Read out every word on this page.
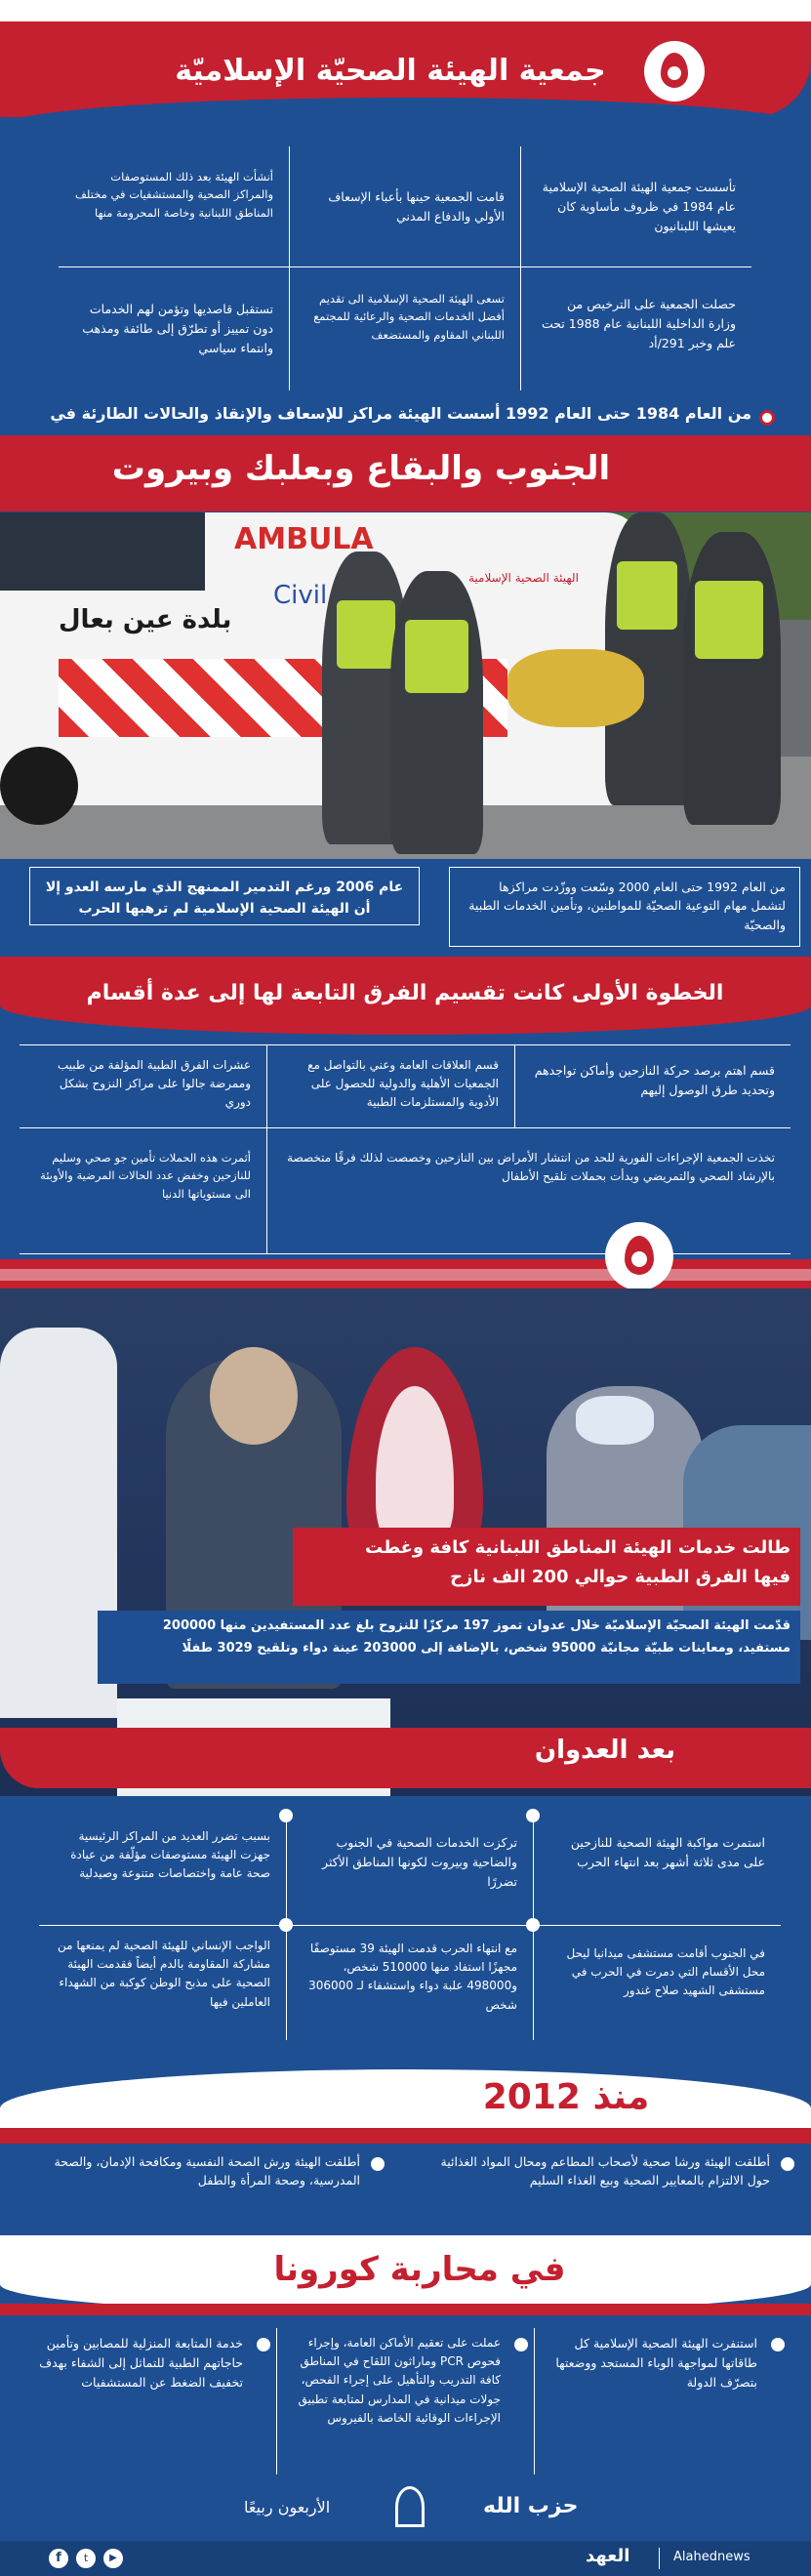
جمعية الهيئة الصحيّة الإسلاميّة
تأسست جمعية الهيئة الصحية الإسلامية عام 1984 في ظروف مأساوية كان يعيشها اللبنانيون
قامت الجمعية حينها بأعباء الإسعاف الأولي والدفاع المدني
أنشأت الهيئة بعد ذلك المستوصفات والمراكز الصحية والمستشفيات في مختلف المناطق اللبنانية وخاصة المحرومة منها
حصلت الجمعية على الترخيص من وزارة الداخلية اللبنانية عام 1988 تحت علم وخبر 291/أد
تسعى الهيئة الصحية الإسلامية الى تقديم أفضل الخدمات الصحية والرعائية للمجتمع اللبناني المقاوم والمستضعف
تستقبل قاصديها وتؤمن لهم الخدمات دون تمييز أو تطرّق إلى طائفة ومذهب وانتماء سياسي
من العام 1984 حتى العام 1992 أسست الهيئة مراكز للإسعاف والإنقاذ والحالات الطارئة في
الجنوب والبقاع وبعلبك وبيروت
AMBULA
Civil
بلدة عين بعال
الهيئة الصحية الإسلامية
من العام 1992 حتى العام 2000 وسّعت ووزّدت مراكزها لتشمل مهام التوعية الصحيّة للمواطنين، وتأمين الخدمات الطبية والصحيّة
عام 2006 ورغم التدمير الممنهج الذي مارسه العدو إلا أن الهيئة الصحية الإسلامية لم ترهبها الحرب
الخطوة الأولى كانت تقسيم الفرق التابعة لها إلى عدة أقسام
قسم اهتم برصد حركة النازحين وأماكن تواجدهم وتحديد طرق الوصول إليهم
قسم العلاقات العامة وعني بالتواصل مع الجمعيات الأهلية والدولية للحصول على الأدوية والمستلزمات الطبية
عشرات الفرق الطبية المؤلفة من طبيب وممرضة جالوا على مراكز النزوح بشكل دوري
تخذت الجمعية الإجراءات الفورية للحد من انتشار الأمراض بين النازحين وخصصت لذلك فرقًا متخصصة بالإرشاد الصحي والتمريضي وبدأت بحملات تلقيح الأطفال
أثمرت هذه الحملات تأمين جو صحي وسليم للنازحين وخفض عدد الحالات المرضية والأوبئة الى مستوياتها الدنيا
طالت خدمات الهيئة المناطق اللبنانية كافة وغطت
فيها الفرق الطبية حوالي 200 الف نازح
قدّمت الهيئة الصحيّة الإسلاميّة خلال عدوان تموز 197 مركزًا للنزوح بلغ عدد المستفيدين منها 200000 مستفيد، ومعاينات طبيّة مجانيّة 95000 شخص، بالإضافة إلى 203000 عينة دواء وتلقيح 3029 طفلًا
بعد العدوان
استمرت مواكبة الهيئة الصحية للنازحين على مدى ثلاثة أشهر بعد انتهاء الحرب
تركزت الخدمات الصحية في الجنوب والضاحية وبيروت لكونها المناطق الأكثر تضررًا
بسبب تضرر العديد من المراكز الرئيسية جهزت الهيئة مستوصفات مؤلّفة من عيادة صحة عامة واختصاصات متنوعة وصيدلية
في الجنوب أقامت مستشفى ميدانيا ليحل محل الأقسام التي دمرت في الحرب في مستشفى الشهيد صلاح غندور
مع انتهاء الحرب قدمت الهيئة 39 مستوصفًا مجهزًا استفاد منها 510000 شخص، و498000 علبة دواء واستشفاء لـ 306000 شخص
الواجب الإنساني للهيئة الصحية لم يمنعها من مشاركة المقاومة بالدم أيضاً فقدمت الهيئة الصحية على مذبح الوطن كوكبة من الشهداء العاملين فيها
منذ 2012
أطلقت الهيئة ورشا صحية لأصحاب المطاعم ومحال المواد الغذائية حول الالتزام بالمعايير الصحية وبيع الغذاء السليم
أطلقت الهيئة ورش الصحة النفسية ومكافحة الإدمان، والصحة المدرسية، وصحة المرأة والطفل
في محاربة كورونا
استنفرت الهيئة الصحية الإسلامية كل طاقاتها لمواجهة الوباء المستجد ووضعتها بتصرّف الدولة
عملت على تعقيم الأماكن العامة، وإجراء فحوص PCR وماراثون اللقاح في المناطق كافة التدريب والتأهيل على إجراء الفحص، جولات ميدانية في المدارس لمتابعة تطبيق الإجراءات الوقائية الخاصة بالفيروس
خدمة المتابعة المنزلية للمصابين وتأمين حاجاتهم الطبية للتماثل إلى الشفاء بهدف تخفيف الضغط عن المستشفيات
حزب الله
الأربعون ربيعًا
Alahednews
العهد
f	t	▶
